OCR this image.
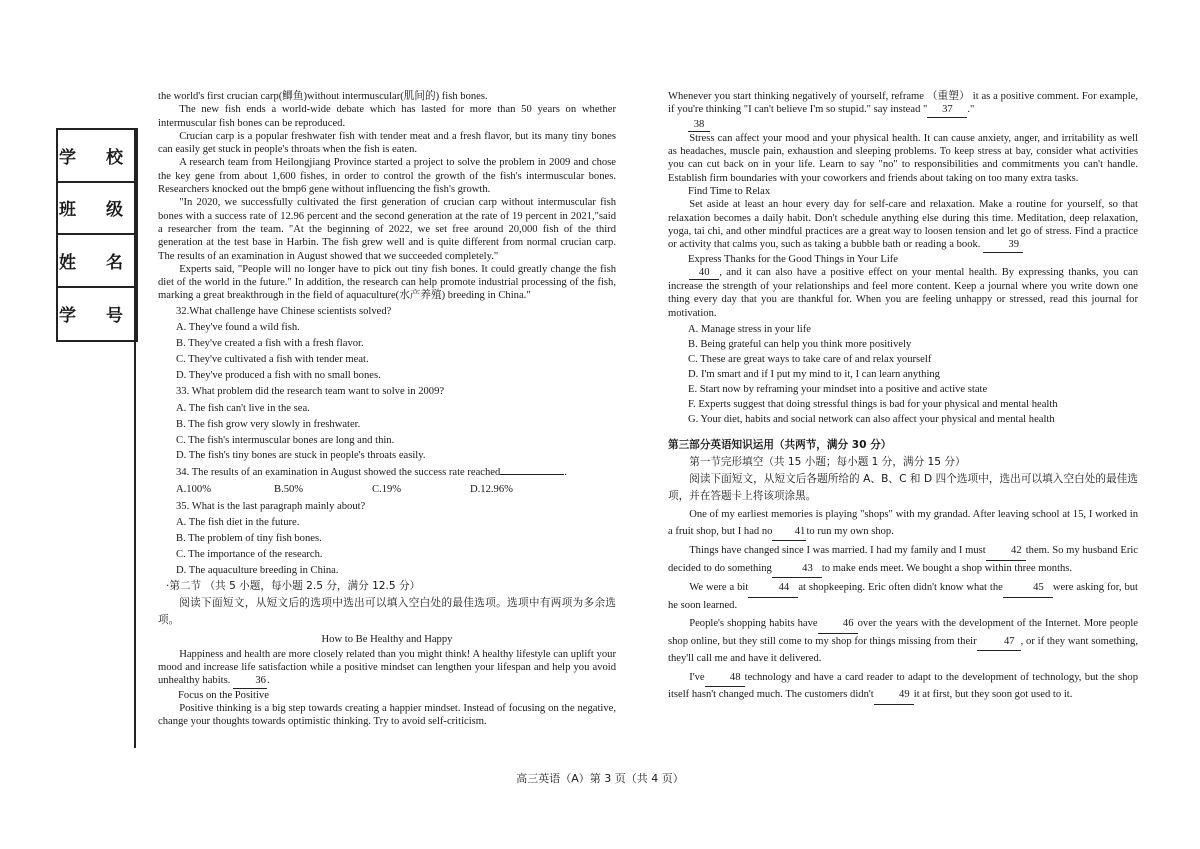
学 校
班 级
姓 名
学 号

the world's first crucian carp(鲫鱼)without intermuscular(肌间的) fish bones.

The new fish ends a world-wide debate which has lasted for more than 50 years on whether intermuscular fish bones can be reproduced.

Crucian carp is a popular freshwater fish with tender meat and a fresh flavor, but its many tiny bones can easily get stuck in people's throats when the fish is eaten.

A research team from Heilongjiang Province started a project to solve the problem in 2009 and chose the key gene from about 1,600 fishes, in order to control the growth of the fish's intermuscular bones. Researchers knocked out the bmp6 gene without influencing the fish's growth.

"In 2020, we successfully cultivated the first generation of crucian carp without intermuscular fish bones with a success rate of 12.96 percent and the second generation at the rate of 19 percent in 2021,"said a researcher from the team. "At the beginning of 2022, we set free around 20,000 fish of the third generation at the test base in Harbin. The fish grew well and is quite different from normal crucian carp. The results of an examination in August showed that we succeeded completely."

Experts said, "People will no longer have to pick out tiny fish bones. It could greatly change the fish diet of the world in the future." In addition, the research can help promote industrial processing of the fish, marking a great breakthrough in the field of aquaculture(水产养殖) breeding in China."

32.What challenge have Chinese scientists solved?
A. They've found a wild fish.
B. They've created a fish with a fresh flavor.
C. They've cultivated a fish with tender meat.
D. They've produced a fish with no small bones.
33. What problem did the research team want to solve in 2009?
A. The fish can't live in the sea.
B. The fish grow very slowly in freshwater.
C. The fish's intermuscular bones are long and thin.
D. The fish's tiny bones are stuck in people's throats easily.
34. The results of an examination in August showed the success rate reached	.
A.100%	B.50%	C.19%	D.12.96%
35. What is the last paragraph mainly about?
A. The fish diet in the future.
B. The problem of tiny fish bones.
C. The importance of the research.
D. The aquaculture breeding in China.
·第二节 （共 5 小题，每小题 2.5 分，满分 12.5 分）
阅读下面短文，从短文后的选项中选出可以填入空白处的最佳选项。选项中有两项为多余选项。
How to Be Healthy and Happy

Happiness and health are more closely related than you might think! A healthy lifestyle can uplift your mood and increase life satisfaction while a positive mindset can lengthen your lifespan and help you avoid unhealthy habits. 36.

Focus on the Positive

Positive thinking is a big step towards creating a happier mindset. Instead of focusing on the negative, change your thoughts towards optimistic thinking. Try to avoid self-criticism.

Whenever you start thinking negatively of yourself, reframe （重塑） it as a positive comment. For example, if you're thinking "I can't believe I'm so stupid." say instead " 37 ."

38

Stress can affect your mood and your physical health. It can cause anxiety, anger, and irritability as well as headaches, muscle pain, exhaustion and sleeping problems. To keep stress at bay, consider what activities you can cut back on in your life. Learn to say "no" to responsibilities and commitments you can't handle. Establish firm boundaries with your coworkers and friends about taking on too many extra tasks.

Find Time to Relax

Set aside at least an hour every day for self-care and relaxation. Make a routine for yourself, so that relaxation becomes a daily habit. Don't schedule anything else during this time. Meditation, deep relaxation, yoga, tai chi, and other mindful practices are a great way to loosen tension and let go of stress. Find a practice or activity that calms you, such as taking a bubble bath or reading a book.	39

Express Thanks for the Good Things in Your Life

40 , and it can also have a positive effect on your mental health. By expressing thanks, you can increase the strength of your relationships and feel more content. Keep a journal where you write down one thing every day that you are thankful for. When you are feeling unhappy or stressed, read this journal for motivation.

A. Manage stress in your life
B. Being grateful can help you think more positively
C. These are great ways to take care of and relax yourself
D. I'm smart and if I put my mind to it, I can learn anything
E. Start now by reframing your mindset into a positive and active state
F. Experts suggest that doing stressful things is bad for your physical and mental health
G. Your diet, habits and social network can also affect your physical and mental health
第三部分英语知识运用（共两节，满分 30 分）
第一节完形填空（共 15 小题；每小题 1 分，满分 15 分）
阅读下面短文，从短文后各题所给的 A、B、C 和 D 四个选项中，选出可以填入空白处的最佳选项，并在答题卡上将该项涂黑。

One of my earliest memories is playing "shops" with my grandad. After leaving school at 15, I worked in a fruit shop, but I had no 41to run my own shop.

Things have changed since I was married. I had my family and I must 42 them. So my husband Eric decided to do something	43 to make ends meet. We bought a shop within three months.

We were a bit	44 at shopkeeping. Eric often didn't know what the	45 were asking for, but he soon learned.

People's shopping habits have 46 over the years with the development of the Internet. More people shop online, but they still come to my shop for things missing from their	47 , or if they want something, they'll call me and have it delivered.

I've 48 technology and have a card reader to adapt to the development of technology, but the shop itself hasn't changed much. The customers didn't 49 it at first, but they soon got used to it.

高三英语（A）第 3 页（共 4 页）
